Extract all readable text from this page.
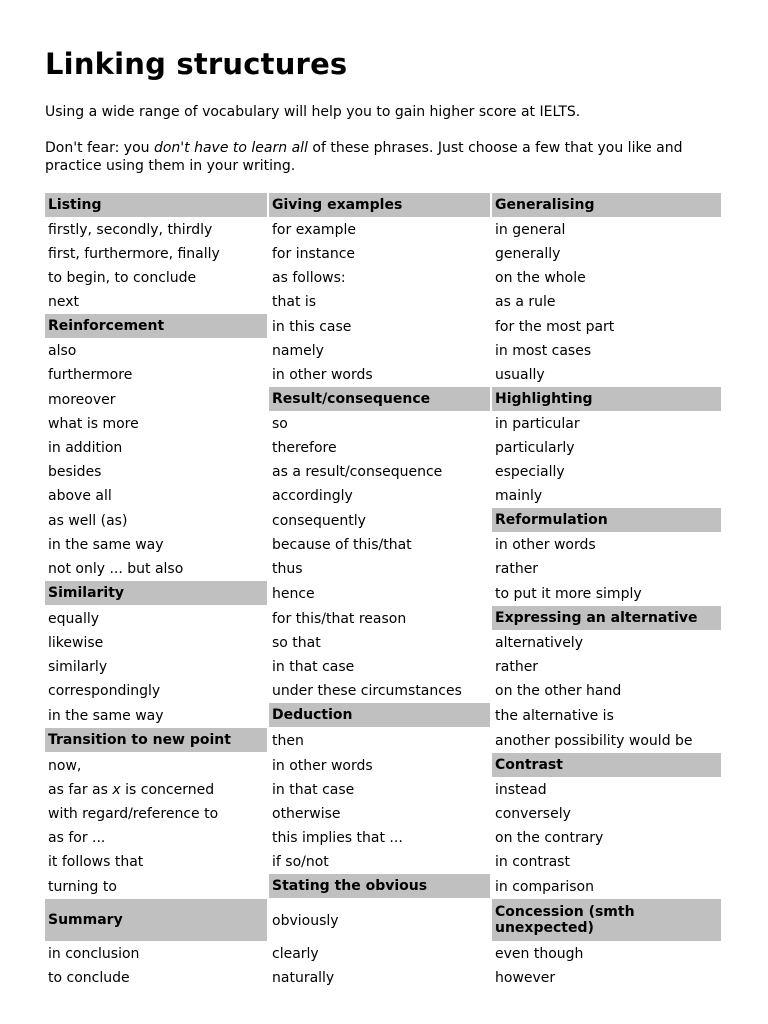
Linking structures

Using a wide range of vocabulary will help you to gain higher score at IELTS.

Don't fear: you don't have to learn all of these phrases. Just choose a few that you like and practice using them in your writing.

Listing	Giving examples	Generalising
firstly, secondly, thirdly	for example	in general
first, furthermore, finally	for instance	generally
to begin, to conclude	as follows:	on the whole
next	that is	as a rule
Reinforcement	in this case	for the most part
also	namely	in most cases
furthermore	in other words	usually
moreover	Result/consequence	Highlighting
what is more	so	in particular
in addition	therefore	particularly
besides	as a result/consequence	especially
above all	accordingly	mainly
as well (as)	consequently	Reformulation
in the same way	because of this/that	in other words
not only ... but also	thus	rather
Similarity	hence	to put it more simply
equally	for this/that reason	Expressing an alternative
likewise	so that	alternatively
similarly	in that case	rather
correspondingly	under these circumstances	on the other hand
in the same way	Deduction	the alternative is
Transition to new point	then	another possibility would be
now,	in other words	Contrast
as far as x is concerned	in that case	instead
with regard/reference to	otherwise	conversely
as for ...	this implies that ...	on the contrary
it follows that	if so/not	in contrast
turning to	Stating the obvious	in comparison
Summary	obviously	Concession (smth unexpected)
in conclusion	clearly	even though
to conclude	naturally	however
